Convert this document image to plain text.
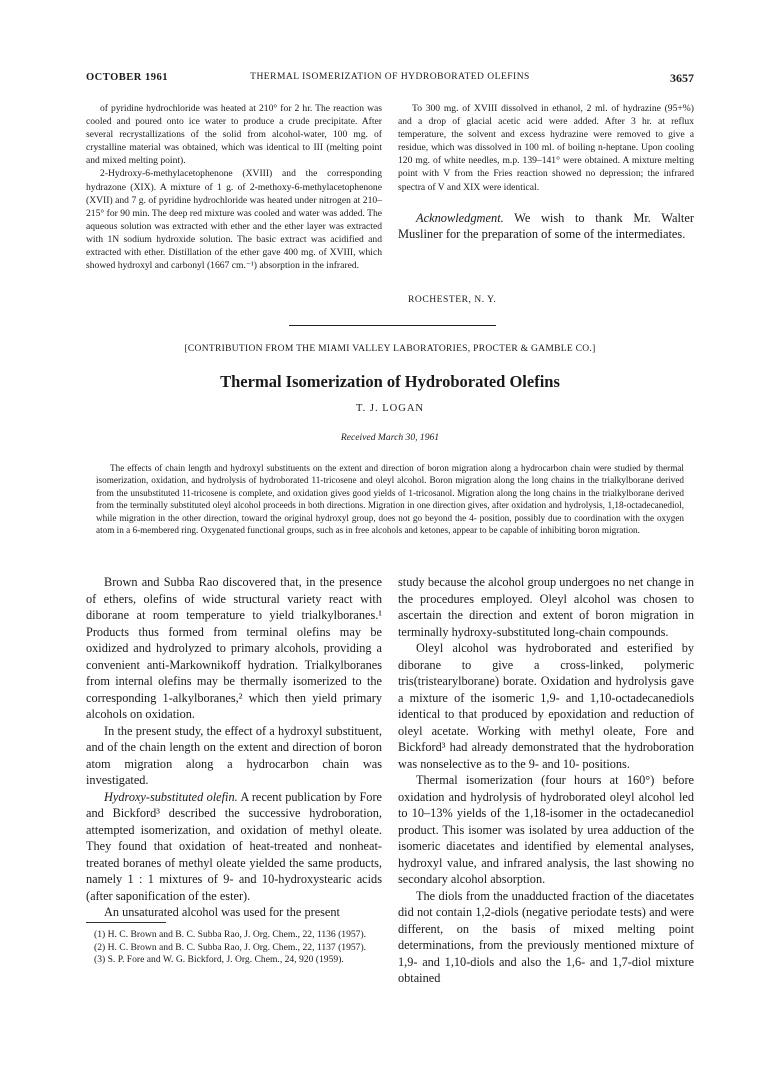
OCTOBER 1961	THERMAL ISOMERIZATION OF HYDROBORATED OLEFINS	3657

of pyridine hydrochloride was heated at 210° for 2 hr. The reaction was cooled and poured onto ice water to produce a crude precipitate. After several recrystallizations of the solid from alcohol-water, 100 mg. of crystalline material was obtained, which was identical to III (melting point and mixed melting point).

2-Hydroxy-6-methylacetophenone (XVIII) and the corresponding hydrazone (XIX). A mixture of 1 g. of 2-methoxy-6-methylacetophenone (XVII) and 7 g. of pyridine hydrochloride was heated under nitrogen at 210–215° for 90 min. The deep red mixture was cooled and water was added. The aqueous solution was extracted with ether and the ether layer was extracted with 1N sodium hydroxide solution. The basic extract was acidified and extracted with ether. Distillation of the ether gave 400 mg. of XVIII, which showed hydroxyl and carbonyl (1667 cm.⁻¹) absorption in the infrared.

To 300 mg. of XVIII dissolved in ethanol, 2 ml. of hydrazine (95+%) and a drop of glacial acetic acid were added. After 3 hr. at reflux temperature, the solvent and excess hydrazine were removed to give a residue, which was dissolved in 100 ml. of boiling n-heptane. Upon cooling 120 mg. of white needles, m.p. 139–141° were obtained. A mixture melting point with V from the Fries reaction showed no depression; the infrared spectra of V and XIX were identical.

Acknowledgment. We wish to thank Mr. Walter Musliner for the preparation of some of the intermediates.

ROCHESTER, N. Y.
[CONTRIBUTION FROM THE MIAMI VALLEY LABORATORIES, PROCTER & GAMBLE CO.]
Thermal Isomerization of Hydroborated Olefins
T. J. LOGAN
Received March 30, 1961

The effects of chain length and hydroxyl substituents on the extent and direction of boron migration along a hydrocarbon chain were studied by thermal isomerization, oxidation, and hydrolysis of hydroborated 11-tricosene and oleyl alcohol. Boron migration along the long chains in the trialkylborane derived from the unsubstituted 11-tricosene is complete, and oxidation gives good yields of 1-tricosanol. Migration along the long chains in the trialkylborane derived from the terminally substituted oleyl alcohol proceeds in both directions. Migration in one direction gives, after oxidation and hydrolysis, 1,18-octadecanediol, while migration in the other direction, toward the original hydroxyl group, does not go beyond the 4- position, possibly due to coordination with the oxygen atom in a 6-membered ring. Oxygenated functional groups, such as in free alcohols and ketones, appear to be capable of inhibiting boron migration.

Brown and Subba Rao discovered that, in the presence of ethers, olefins of wide structural variety react with diborane at room temperature to yield trialkylboranes.¹ Products thus formed from terminal olefins may be oxidized and hydrolyzed to primary alcohols, providing a convenient anti-Markownikoff hydration. Trialkylboranes from internal olefins may be thermally isomerized to the corresponding 1-alkylboranes,² which then yield primary alcohols on oxidation.

In the present study, the effect of a hydroxyl substituent, and of the chain length on the extent and direction of boron atom migration along a hydrocarbon chain was investigated.

Hydroxy-substituted olefin. A recent publication by Fore and Bickford³ described the successive hydroboration, attempted isomerization, and oxidation of methyl oleate. They found that oxidation of heat-treated and nonheat-treated boranes of methyl oleate yielded the same products, namely 1 : 1 mixtures of 9- and 10-hydroxystearic acids (after saponification of the ester).

An unsaturated alcohol was used for the present

study because the alcohol group undergoes no net change in the procedures employed. Oleyl alcohol was chosen to ascertain the direction and extent of boron migration in terminally hydroxy-substituted long-chain compounds.

Oleyl alcohol was hydroborated and esterified by diborane to give a cross-linked, polymeric tris(tristearylborane) borate. Oxidation and hydrolysis gave a mixture of the isomeric 1,9- and 1,10-octadecanediols identical to that produced by epoxidation and reduction of oleyl acetate. Working with methyl oleate, Fore and Bickford³ had already demonstrated that the hydroboration was nonselective as to the 9- and 10- positions.

Thermal isomerization (four hours at 160°) before oxidation and hydrolysis of hydroborated oleyl alcohol led to 10–13% yields of the 1,18-isomer in the octadecanediol product. This isomer was isolated by urea adduction of the isomeric diacetates and identified by elemental analyses, hydroxyl value, and infrared analysis, the last showing no secondary alcohol absorption.

The diols from the unadducted fraction of the diacetates did not contain 1,2-diols (negative periodate tests) and were different, on the basis of mixed melting point determinations, from the previously mentioned mixture of 1,9- and 1,10-diols and also the 1,6- and 1,7-diol mixture obtained

(1) H. C. Brown and B. C. Subba Rao, J. Org. Chem., 22, 1136 (1957).

(2) H. C. Brown and B. C. Subba Rao, J. Org. Chem., 22, 1137 (1957).

(3) S. P. Fore and W. G. Bickford, J. Org. Chem., 24, 920 (1959).
